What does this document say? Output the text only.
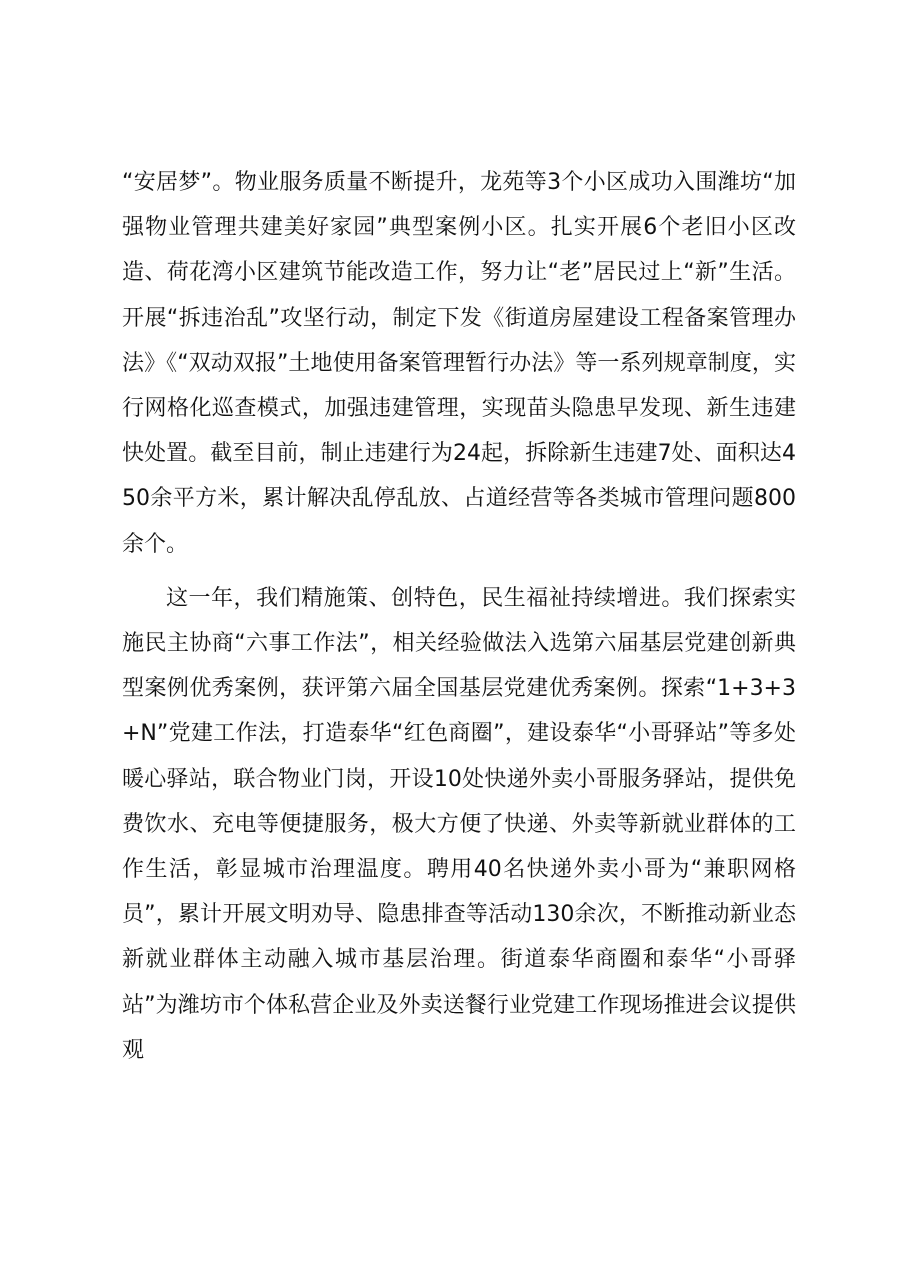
“安居梦”。物业服务质量不断提升，龙苑等3个小区成功入围潍坊“加强物业管理共建美好家园”典型案例小区。扎实开展6个老旧小区改造、荷花湾小区建筑节能改造工作，努力让“老”居民过上“新”生活。开展“拆违治乱”攻坚行动，制定下发《街道房屋建设工程备案管理办法》《“双动双报”土地使用备案管理暂行办法》等一系列规章制度，实行网格化巡查模式，加强违建管理，实现苗头隐患早发现、新生违建快处置。截至目前，制止违建行为24起，拆除新生违建7处、面积达450余平方米，累计解决乱停乱放、占道经营等各类城市管理问题800余个。

这一年，我们精施策、创特色，民生福祉持续增进。我们探索实施民主协商“六事工作法”，相关经验做法入选第六届基层党建创新典型案例优秀案例，获评第六届全国基层党建优秀案例。探索“1+3+3+N”党建工作法，打造泰华“红色商圈”，建设泰华“小哥驿站”等多处暖心驿站，联合物业门岗，开设10处快递外卖小哥服务驿站，提供免费饮水、充电等便捷服务，极大方便了快递、外卖等新就业群体的工作生活，彰显城市治理温度。聘用40名快递外卖小哥为“兼职网格员”，累计开展文明劝导、隐患排查等活动130余次，不断推动新业态新就业群体主动融入城市基层治理。街道泰华商圈和泰华“小哥驿站”为潍坊市个体私营企业及外卖送餐行业党建工作现场推进会议提供观
